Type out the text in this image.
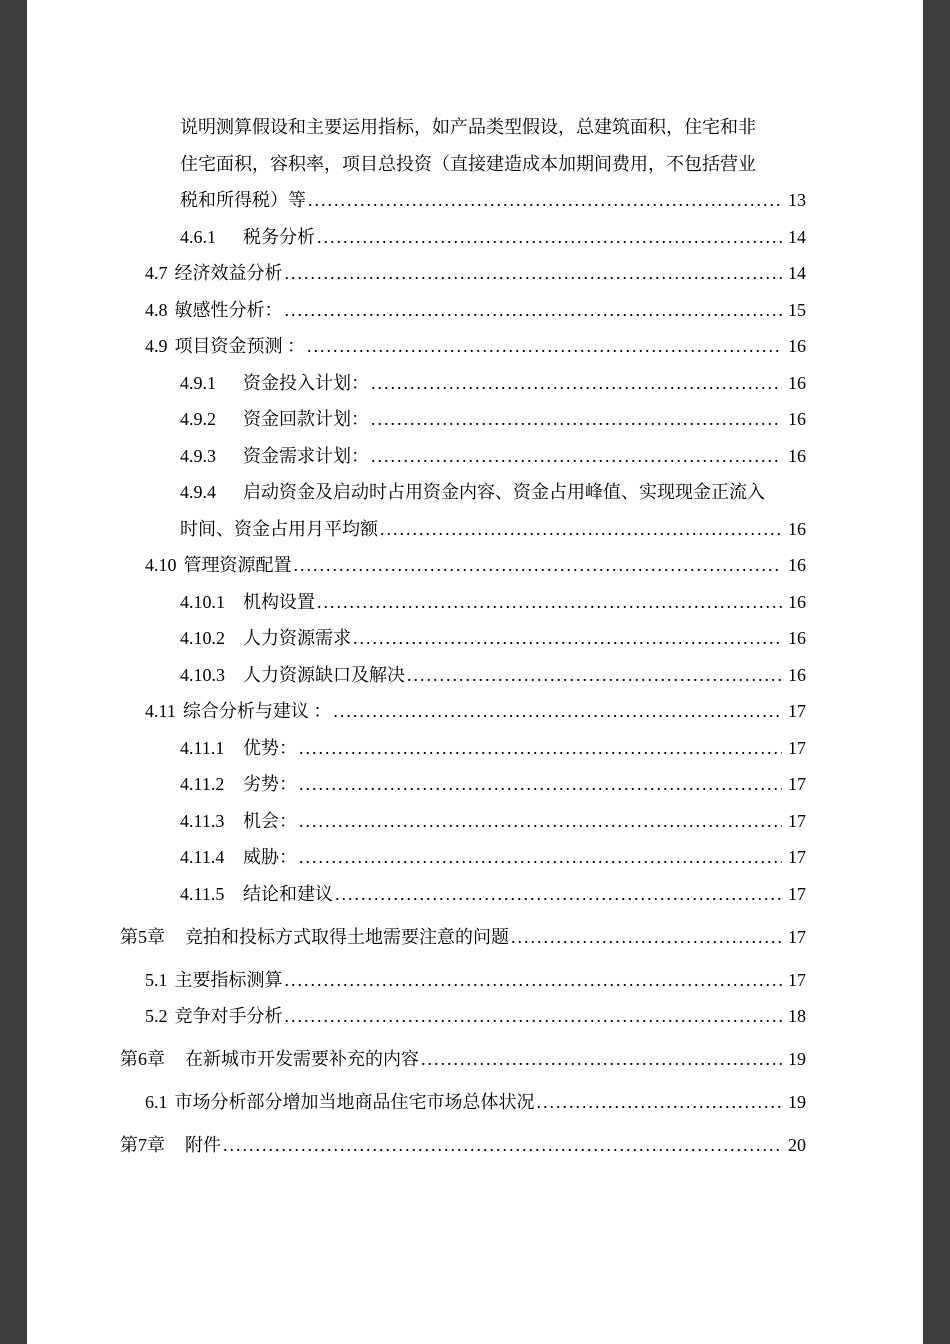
说明测算假设和主要运用指标，如产品类型假设，总建筑面积，住宅和非
住宅面积，容积率，项目总投资（直接建造成本加期间费用，不包括营业
税和所得税）等 .....	13
4.6.1	税务分析 .....	14
4.7 经济效益分析 .....	14
4.8 敏感性分析： .....	15
4.9 项目资金预测 ： .....	16
4.9.1	资金投入计划： .....	16
4.9.2	资金回款计划： .....	16
4.9.3	资金需求计划： .....	16
4.9.4	启动资金及启动时占用资金内容、资金占用峰值、实现现金正流入
时间、资金占用月平均额 .....	16
4.10 管理资源配置 .....	16
4.10.1	机构设置 .....	16
4.10.2	人力资源需求 .....	16
4.10.3	人力资源缺口及解决 .....	16
4.11 综合分析与建议 ： .....	17
4.11.1	优势： .....	17
4.11.2	劣势： .....	17
4.11.3	机会： .....	17
4.11.4	威胁： .....	17
4.11.5	结论和建议 .....	17
第5章 竞拍和投标方式取得土地需要注意的问题 .....	17
5.1 主要指标测算 .....	17
5.2 竞争对手分析 .....	18
第6章 在新城市开发需要补充的内容 .....	19
6.1 市场分析部分增加当地商品住宅市场总体状况 .....	19
第7章 附件 .....	20
